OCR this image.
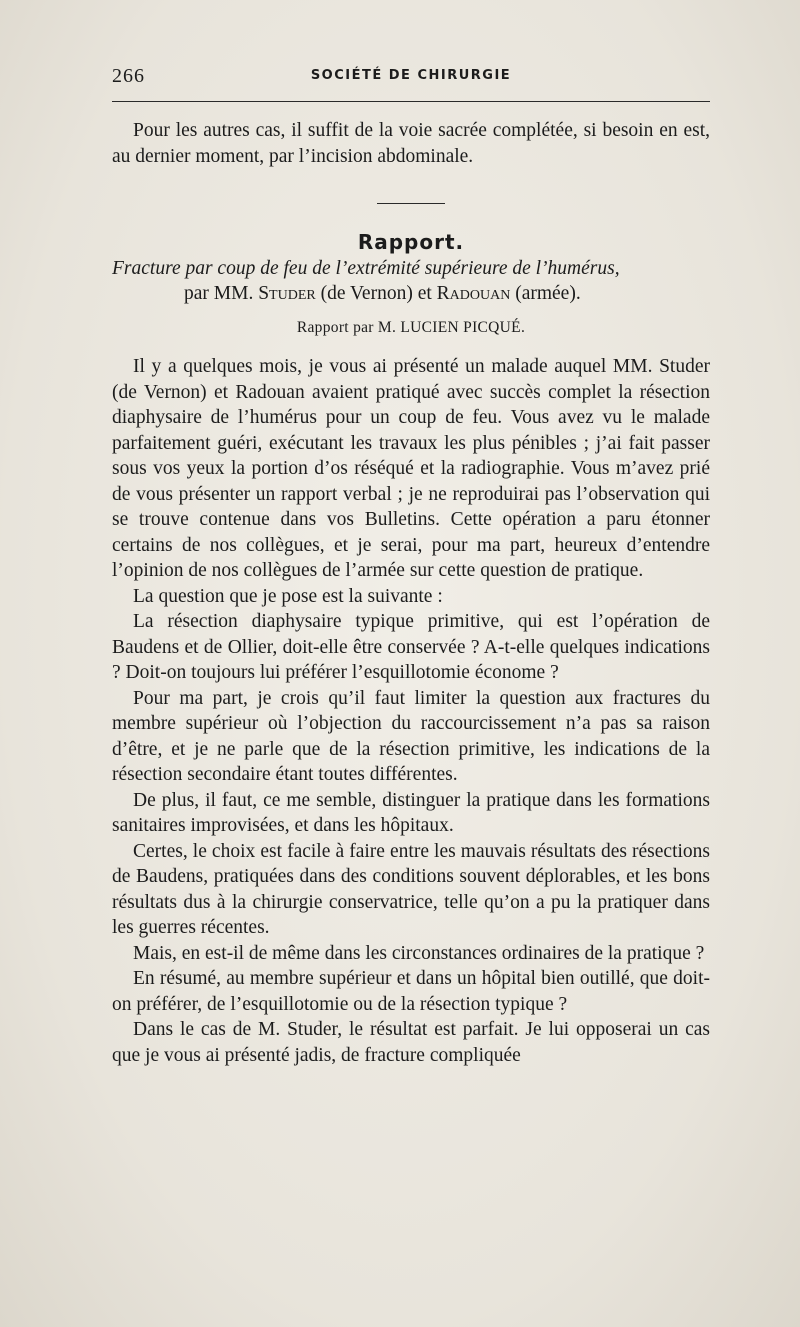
266	SOCIÉTÉ DE CHIRURGIE

Pour les autres cas, il suffit de la voie sacrée complétée, si besoin en est, au dernier moment, par l’incision abdominale.

Rapport.

Fracture par coup de feu de l’extrémité supérieure de l’humérus,

par MM. Studer (de Vernon) et Radouan (armée).

Rapport par M. LUCIEN PICQUÉ.

Il y a quelques mois, je vous ai présenté un malade auquel MM. Studer (de Vernon) et Radouan avaient pratiqué avec succès complet la résection diaphysaire de l’humérus pour un coup de feu. Vous avez vu le malade parfaitement guéri, exécutant les travaux les plus pénibles ; j’ai fait passer sous vos yeux la portion d’os réséqué et la radiographie. Vous m’avez prié de vous présenter un rapport verbal ; je ne reproduirai pas l’observation qui se trouve contenue dans vos Bulletins. Cette opération a paru étonner certains de nos collègues, et je serai, pour ma part, heureux d’entendre l’opinion de nos collègues de l’armée sur cette question de pratique.

La question que je pose est la suivante :

La résection diaphysaire typique primitive, qui est l’opération de Baudens et de Ollier, doit-elle être conservée ? A-t-elle quelques indications ? Doit-on toujours lui préférer l’esquillotomie économe ?

Pour ma part, je crois qu’il faut limiter la question aux fractures du membre supérieur où l’objection du raccourcissement n’a pas sa raison d’être, et je ne parle que de la résection primitive, les indications de la résection secondaire étant toutes différentes.

De plus, il faut, ce me semble, distinguer la pratique dans les formations sanitaires improvisées, et dans les hôpitaux.

Certes, le choix est facile à faire entre les mauvais résultats des résections de Baudens, pratiquées dans des conditions souvent déplorables, et les bons résultats dus à la chirurgie conservatrice, telle qu’on a pu la pratiquer dans les guerres récentes.

Mais, en est-il de même dans les circonstances ordinaires de la pratique ?

En résumé, au membre supérieur et dans un hôpital bien outillé, que doit-on préférer, de l’esquillotomie ou de la résection typique ?

Dans le cas de M. Studer, le résultat est parfait. Je lui opposerai un cas que je vous ai présenté jadis, de fracture compliquée
